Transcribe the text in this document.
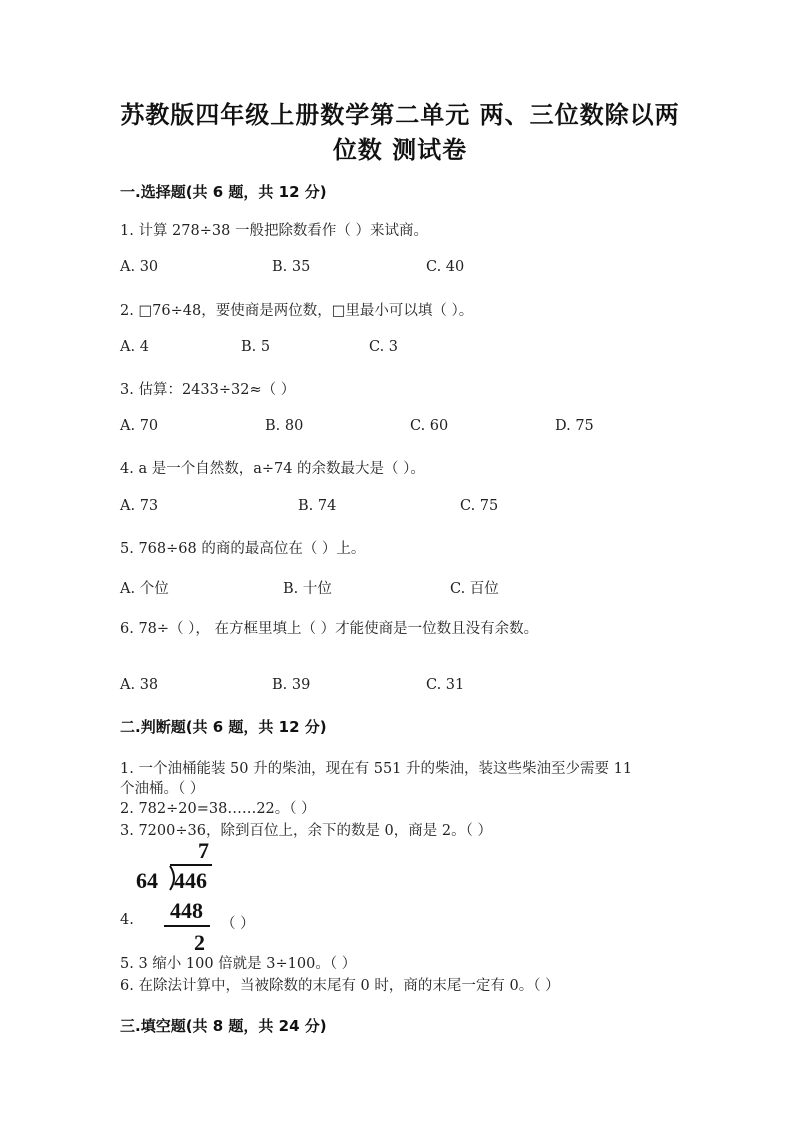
苏教版四年级上册数学第二单元 两、三位数除以两
位数 测试卷
一.选择题(共 6 题，共 12 分)
1. 计算 278÷38 一般把除数看作（ ）来试商。
A. 30	B. 35	C. 40
2. □76÷48，要使商是两位数，□里最小可以填（ ）。
A. 4	B. 5	C. 3
3. 估算：2433÷32≈（ ）
A. 70	B. 80	C. 60	D. 75
4. a 是一个自然数，a÷74 的余数最大是（ ）。
A. 73	B. 74	C. 75
5. 768÷68 的商的最高位在（ ）上。
A. 个位	B. 十位	C. 百位
6. 78÷（ ）， 在方框里填上（ ）才能使商是一位数且没有余数。
A. 38	B. 39	C. 31
二.判断题(共 6 题，共 12 分)
1. 一个油桶能装 50 升的柴油，现在有 551 升的柴油，装这些柴油至少需要 11
个油桶。（ ）
2. 782÷20=38……22。（ ）
3. 7200÷36，除到百位上，余下的数是 0，商是 2。（ ）
7
64 446
448
2
4.	（ ）
5. 3 缩小 100 倍就是 3÷100。（ ）
6. 在除法计算中，当被除数的末尾有 0 时，商的末尾一定有 0。（ ）
三.填空题(共 8 题，共 24 分)
